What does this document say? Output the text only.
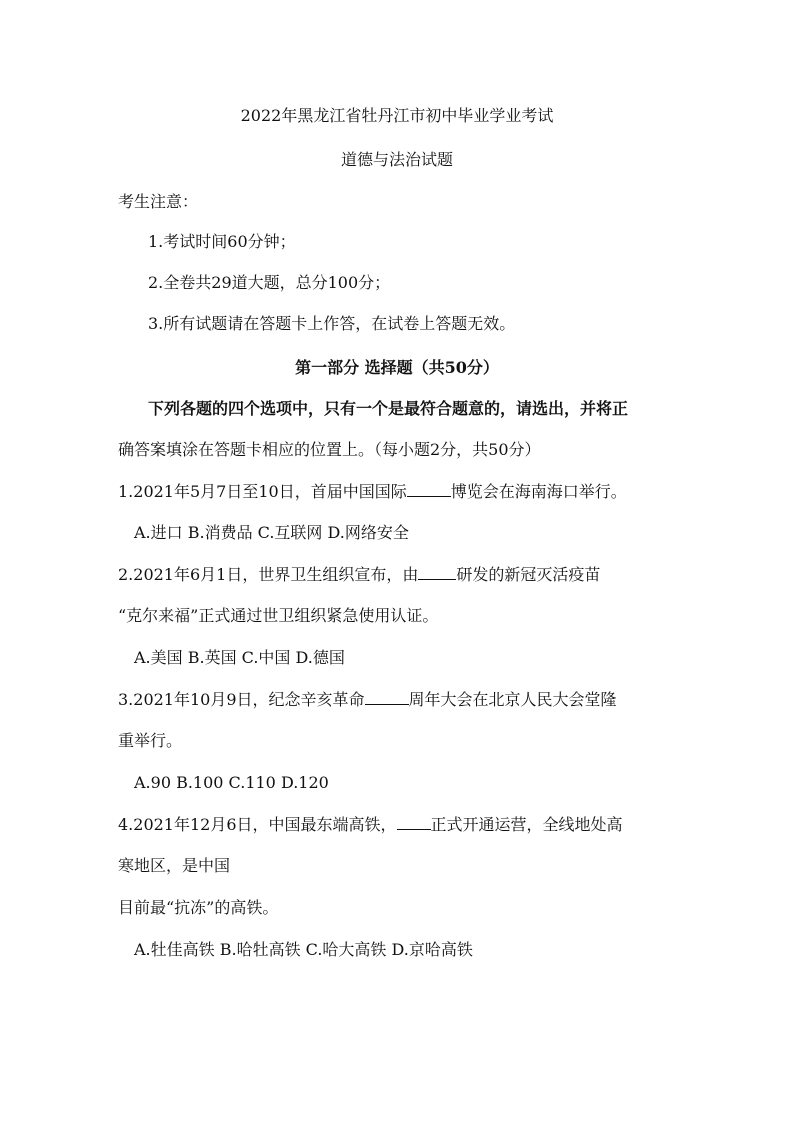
2022年黑龙江省牡丹江市初中毕业学业考试
道德与法治试题
考生注意：
1.考试时间60分钟；
2.全卷共29道大题，总分100分；
3.所有试题请在答题卡上作答，在试卷上答题无效。
第一部分 选择题（共50分）
下列各题的四个选项中，只有一个是最符合题意的，请选出，并将正
确答案填涂在答题卡相应的位置上。（每小题2分，共50分）
1.2021年5月7日至10日，首届中国国际	博览会在海南海口举行。
A.进口 B.消费品 C.互联网 D.网络安全
2.2021年6月1日，世界卫生组织宣布，由 研发的新冠灭活疫苗
“克尔来福”正式通过世卫组织紧急使用认证。
A.美国 B.英国 C.中国 D.德国
3.2021年10月9日，纪念辛亥革命	周年大会在北京人民大会堂隆
重举行。
A.90 B.100 C.110 D.120
4.2021年12月6日，中国最东端高铁， 正式开通运营，全线地处高
寒地区，是中国
目前最“抗冻”的高铁。
A.牡佳高铁 B.哈牡高铁 C.哈大高铁 D.京哈高铁
